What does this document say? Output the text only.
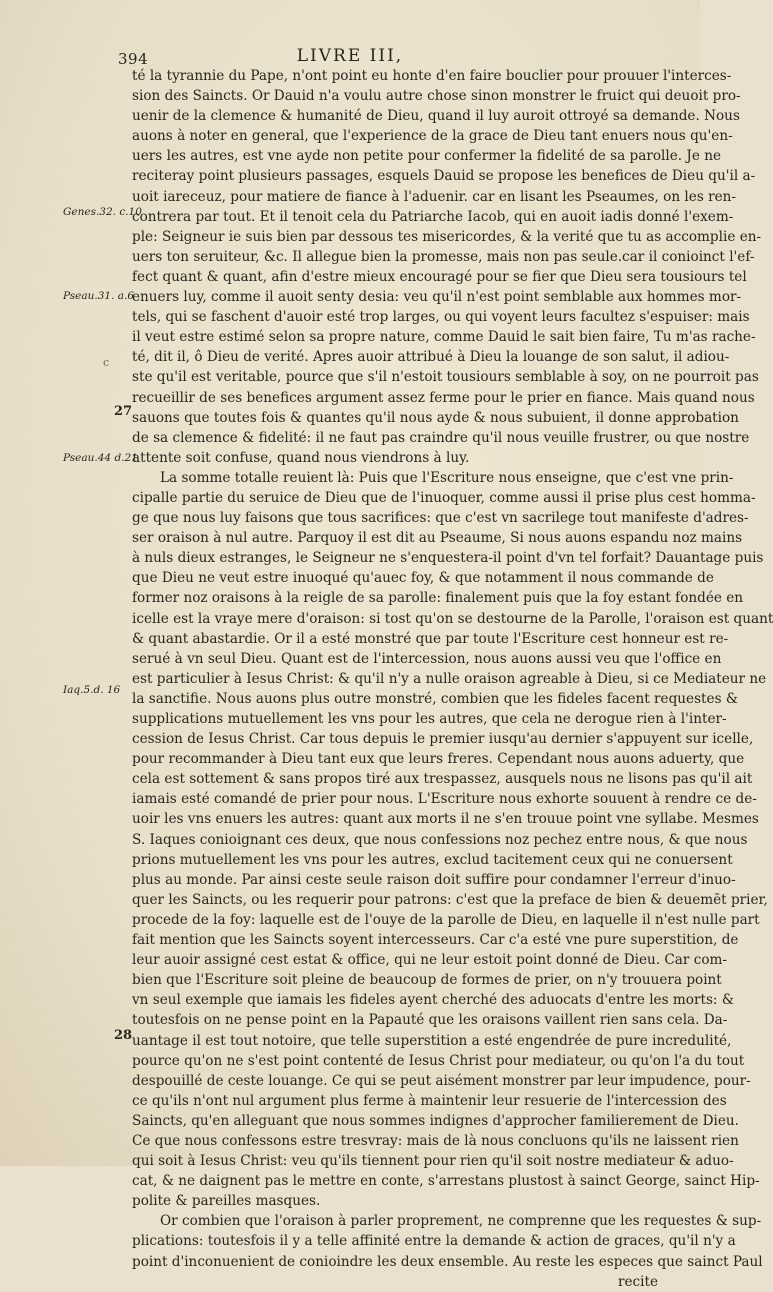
394	LIVRE III,
Genes.32. c.10
Pseau.31. a.6
Pseau.44 d.21
Iaq.5.d. 16
c
27
28
té la tyrannie du Pape, n'ont point eu honte d'en faire bouclier pour prouuer l'interces-
sion des Saincts. Or Dauid n'a voulu autre chose sinon monstrer le fruict qui deuoit pro-
uenir de la clemence & humanité de Dieu, quand il luy auroit ottroyé sa demande. Nous
auons à noter en general, que l'experience de la grace de Dieu tant enuers nous qu'en-
uers les autres, est vne ayde non petite pour confermer la fidelité de sa parolle. Je ne
reciteray point plusieurs passages, esquels Dauid se propose les benefices de Dieu qu'il a-
uoit iareceuz, pour matiere de fiance à l'aduenir. car en lisant les Pseaumes, on les ren-
contrera par tout. Et il tenoit cela du Patriarche Iacob, qui en auoit iadis donné l'exem-
ple: Seigneur ie suis bien par dessous tes misericordes, & la verité que tu as accomplie en-
uers ton seruiteur, &c. Il allegue bien la promesse, mais non pas seule.car il conioinct l'ef-
fect quant & quant, afin d'estre mieux encouragé pour se fier que Dieu sera tousiours tel
enuers luy, comme il auoit senty desia: veu qu'il n'est point semblable aux hommes mor-
tels, qui se faschent d'auoir esté trop larges, ou qui voyent leurs facultez s'espuiser: mais
il veut estre estimé selon sa propre nature, comme Dauid le sait bien faire, Tu m'as rache-
té, dit il, ô Dieu de verité. Apres auoir attribué à Dieu la louange de son salut, il adiou-
ste qu'il est veritable, pource que s'il n'estoit tousiours semblable à soy, on ne pourroit pas
recueillir de ses benefices argument assez ferme pour le prier en fiance. Mais quand nous
sauons que toutes fois & quantes qu'il nous ayde & nous subuient, il donne approbation
de sa clemence & fidelité: il ne faut pas craindre qu'il nous veuille frustrer, ou que nostre
attente soit confuse, quand nous viendrons à luy.
La somme totalle reuient là: Puis que l'Escriture nous enseigne, que c'est vne prin-
cipalle partie du seruice de Dieu que de l'inuoquer, comme aussi il prise plus cest homma-
ge que nous luy faisons que tous sacrifices: que c'est vn sacrilege tout manifeste d'adres-
ser oraison à nul autre. Parquoy il est dit au Pseaume, Si nous auons espandu noz mains
à nuls dieux estranges, le Seigneur ne s'enquestera-il point d'vn tel forfait? Dauantage puis
que Dieu ne veut estre inuoqué qu'auec foy, & que notamment il nous commande de
former noz oraisons à la reigle de sa parolle: finalement puis que la foy estant fondée en
icelle est la vraye mere d'oraison: si tost qu'on se destourne de la Parolle, l'oraison est quant
& quant abastardie. Or il a esté monstré que par toute l'Escriture cest honneur est re-
serué à vn seul Dieu. Quant est de l'intercession, nous auons aussi veu que l'office en
est particulier à Iesus Christ: & qu'il n'y a nulle oraison agreable à Dieu, si ce Mediateur ne
la sanctifie. Nous auons plus outre monstré, combien que les fideles facent requestes &
supplications mutuellement les vns pour les autres, que cela ne derogue rien à l'inter-
cession de Iesus Christ. Car tous depuis le premier iusqu'au dernier s'appuyent sur icelle,
pour recommander à Dieu tant eux que leurs freres. Cependant nous auons aduerty, que
cela est sottement & sans propos tiré aux trespassez, ausquels nous ne lisons pas qu'il ait
iamais esté comandé de prier pour nous. L'Escriture nous exhorte souuent à rendre ce de-
uoir les vns enuers les autres: quant aux morts il ne s'en trouue point vne syllabe. Mesmes
S. Iaques conioignant ces deux, que nous confessions noz pechez entre nous, & que nous
prions mutuellement les vns pour les autres, exclud tacitement ceux qui ne conuersent
plus au monde. Par ainsi ceste seule raison doit suffire pour condamner l'erreur d'inuo-
quer les Saincts, ou les requerir pour patrons: c'est que la preface de bien & deuemēt prier,
procede de la foy: laquelle est de l'ouye de la parolle de Dieu, en laquelle il n'est nulle part
fait mention que les Saincts soyent intercesseurs. Car c'a esté vne pure superstition, de
leur auoir assigné cest estat & office, qui ne leur estoit point donné de Dieu. Car com-
bien que l'Escriture soit pleine de beaucoup de formes de prier, on n'y trouuera point
vn seul exemple que iamais les fideles ayent cherché des aduocats d'entre les morts: &
toutesfois on ne pense point en la Papauté que les oraisons vaillent rien sans cela. Da-
uantage il est tout notoire, que telle superstition a esté engendrée de pure incredulité,
pource qu'on ne s'est point contenté de Iesus Christ pour mediateur, ou qu'on l'a du tout
despouillé de ceste louange. Ce qui se peut aisément monstrer par leur impudence, pour-
ce qu'ils n'ont nul argument plus ferme à maintenir leur resuerie de l'intercession des
Saincts, qu'en alleguant que nous sommes indignes d'approcher familierement de Dieu.
Ce que nous confessons estre tresvray: mais de là nous concluons qu'ils ne laissent rien
qui soit à Iesus Christ: veu qu'ils tiennent pour rien qu'il soit nostre mediateur & aduo-
cat, & ne daignent pas le mettre en conte, s'arrestans plustost à sainct George, sainct Hip-
polite & pareilles masques.
Or combien que l'oraison à parler proprement, ne comprenne que les requestes & sup-
plications: toutesfois il y a telle affinité entre la demande & action de graces, qu'il n'y a
point d'inconuenient de conioindre les deux ensemble. Au reste les especes que sainct Paul
recite
